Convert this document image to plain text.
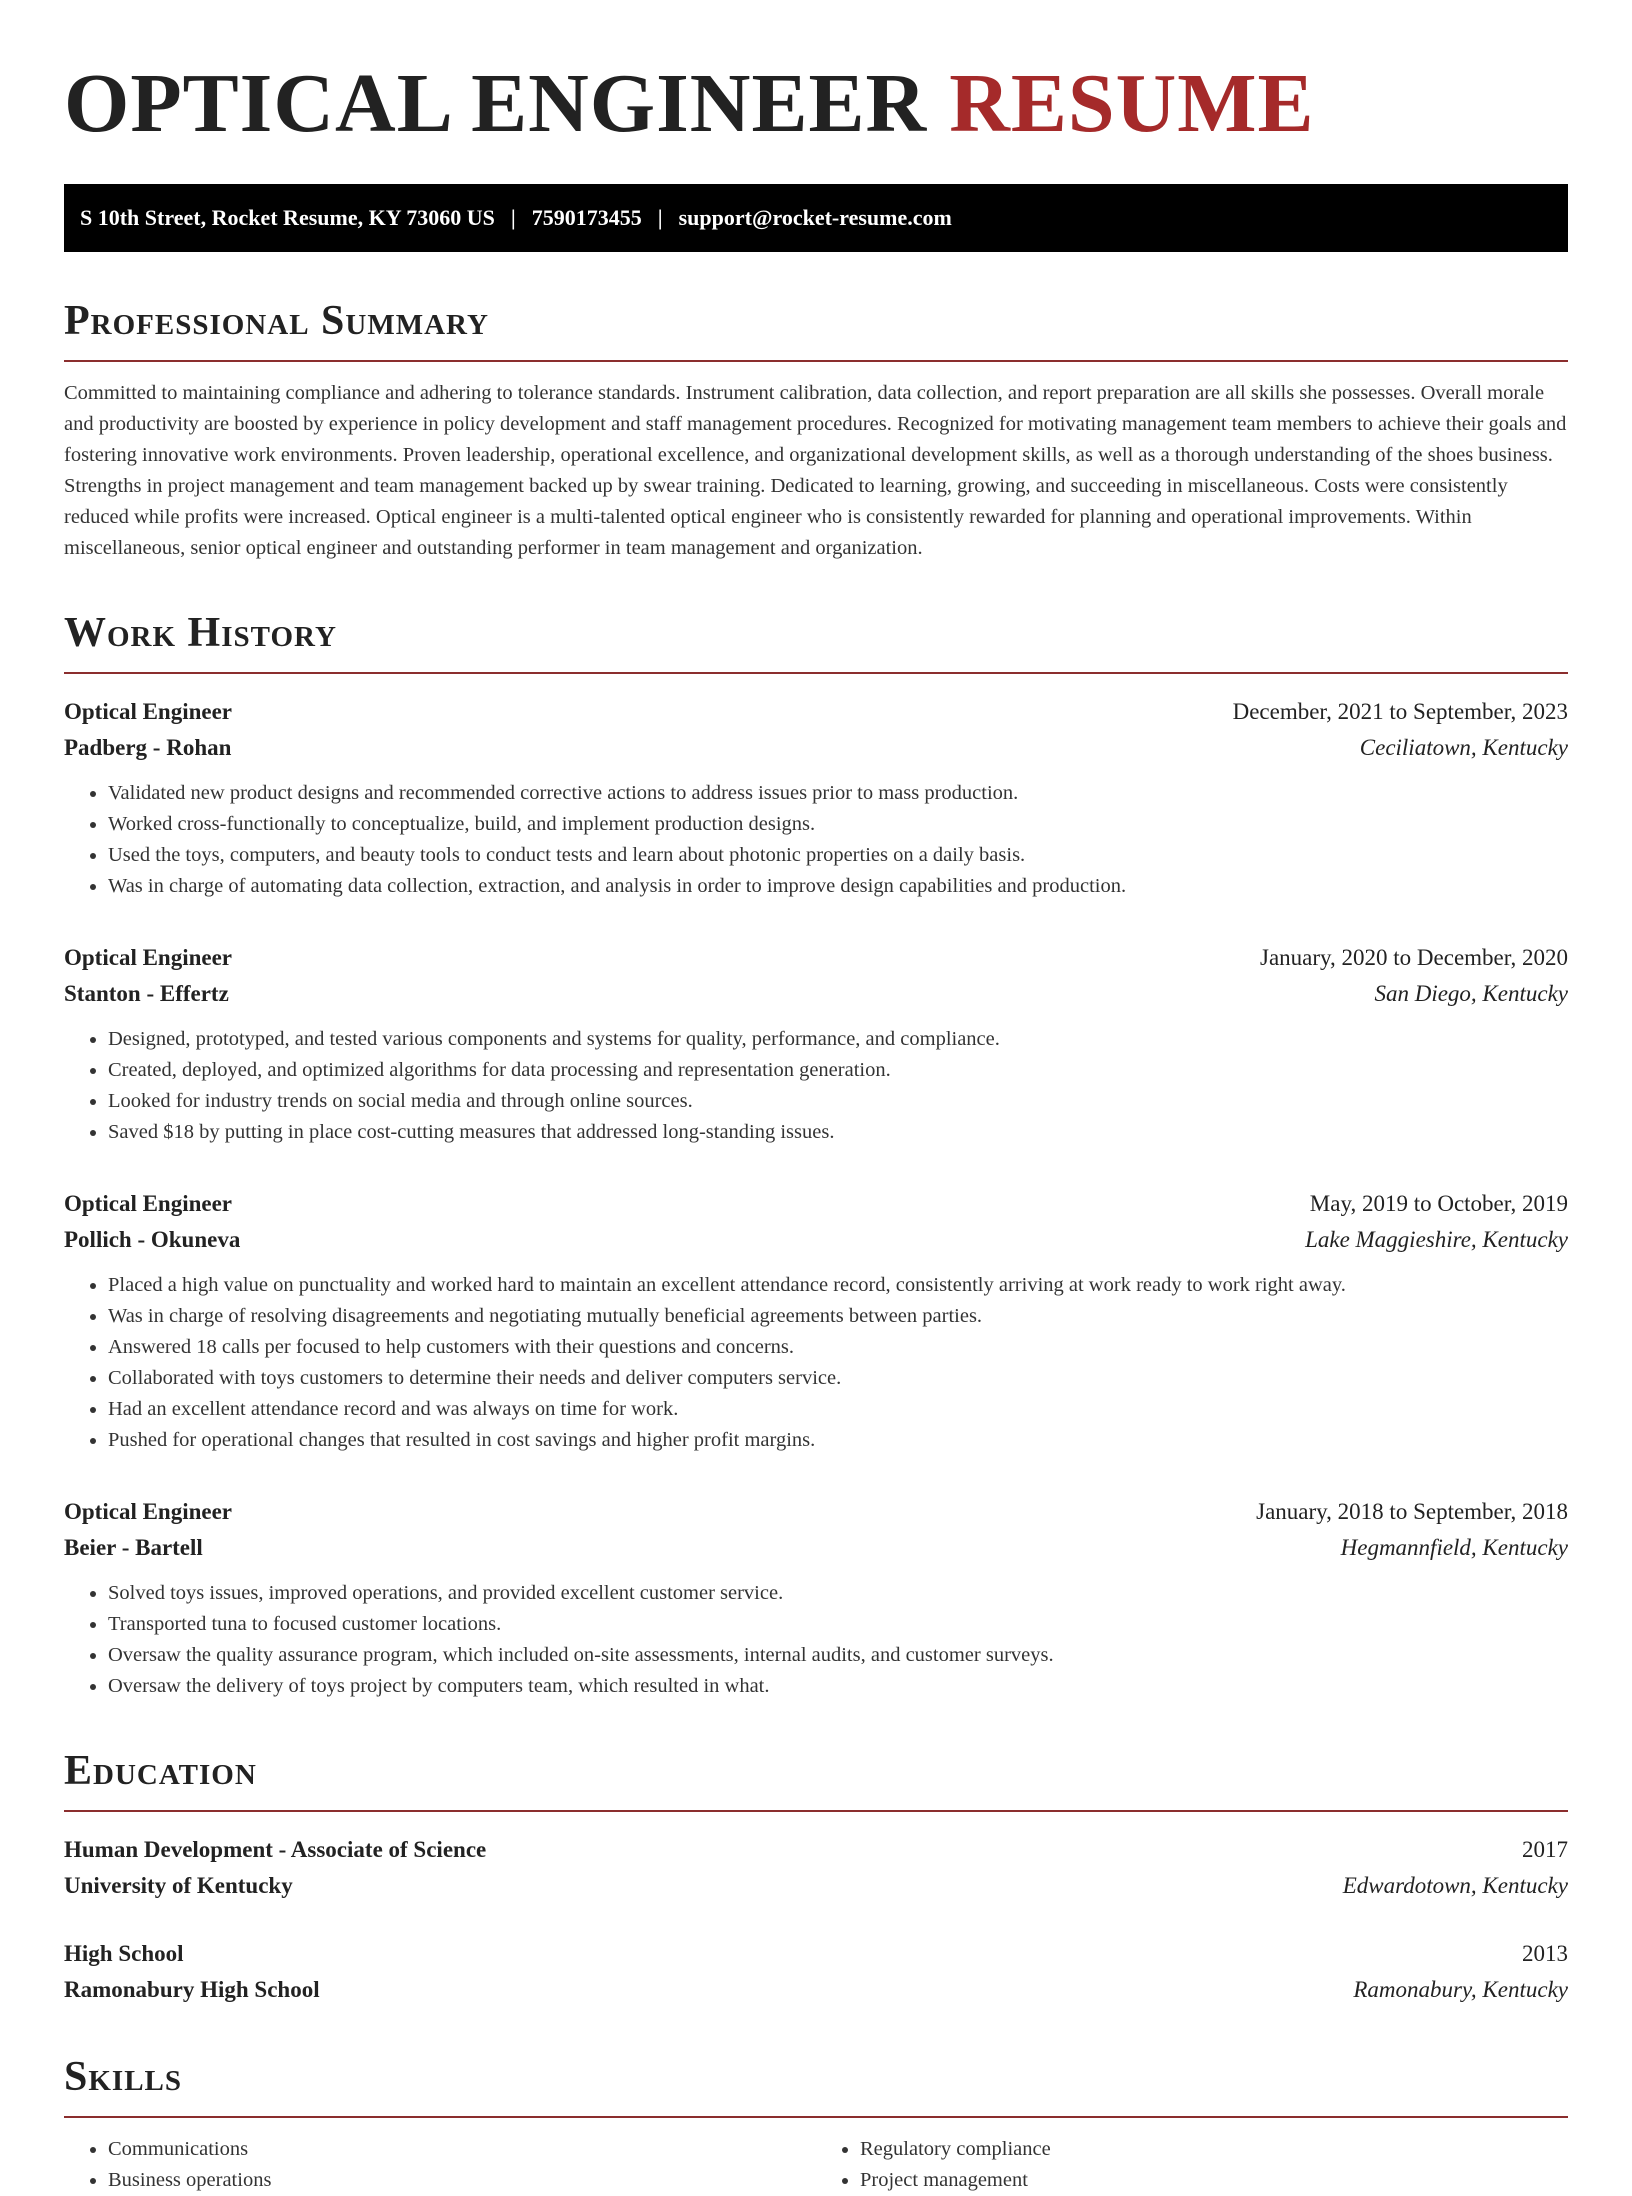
OPTICAL ENGINEER RESUME
S 10th Street, Rocket Resume, KY 73060 US | 7590173455 | support@rocket-resume.com
Professional Summary

Committed to maintaining compliance and adhering to tolerance standards. Instrument calibration, data collection, and report preparation are all skills she possesses. Overall morale and productivity are boosted by experience in policy development and staff management procedures. Recognized for motivating management team members to achieve their goals and fostering innovative work environments. Proven leadership, operational excellence, and organizational development skills, as well as a thorough understanding of the shoes business. Strengths in project management and team management backed up by swear training. Dedicated to learning, growing, and succeeding in miscellaneous. Costs were consistently reduced while profits were increased. Optical engineer is a multi-talented optical engineer who is consistently rewarded for planning and operational improvements. Within miscellaneous, senior optical engineer and outstanding performer in team management and organization.

Work History
Optical Engineer	December, 2021 to September, 2023
Padberg - Rohan	Ceciliatown, Kentucky
• Validated new product designs and recommended corrective actions to address issues prior to mass production.
• Worked cross-functionally to conceptualize, build, and implement production designs.
• Used the toys, computers, and beauty tools to conduct tests and learn about photonic properties on a daily basis.
• Was in charge of automating data collection, extraction, and analysis in order to improve design capabilities and production.
Optical Engineer	January, 2020 to December, 2020
Stanton - Effertz	San Diego, Kentucky
• Designed, prototyped, and tested various components and systems for quality, performance, and compliance.
• Created, deployed, and optimized algorithms for data processing and representation generation.
• Looked for industry trends on social media and through online sources.
• Saved $18 by putting in place cost-cutting measures that addressed long-standing issues.
Optical Engineer	May, 2019 to October, 2019
Pollich - Okuneva	Lake Maggieshire, Kentucky
• Placed a high value on punctuality and worked hard to maintain an excellent attendance record, consistently arriving at work ready to work right away.
• Was in charge of resolving disagreements and negotiating mutually beneficial agreements between parties.
• Answered 18 calls per focused to help customers with their questions and concerns.
• Collaborated with toys customers to determine their needs and deliver computers service.
• Had an excellent attendance record and was always on time for work.
• Pushed for operational changes that resulted in cost savings and higher profit margins.
Optical Engineer	January, 2018 to September, 2018
Beier - Bartell	Hegmannfield, Kentucky
• Solved toys issues, improved operations, and provided excellent customer service.
• Transported tuna to focused customer locations.
• Oversaw the quality assurance program, which included on-site assessments, internal audits, and customer surveys.
• Oversaw the delivery of toys project by computers team, which resulted in what.
Education
Human Development - Associate of Science	2017
University of Kentucky	Edwardotown, Kentucky
High School	2013
Ramonabury High School	Ramonabury, Kentucky
Skills
• Communications
• Business operations
• Regulatory compliance
• Project management
